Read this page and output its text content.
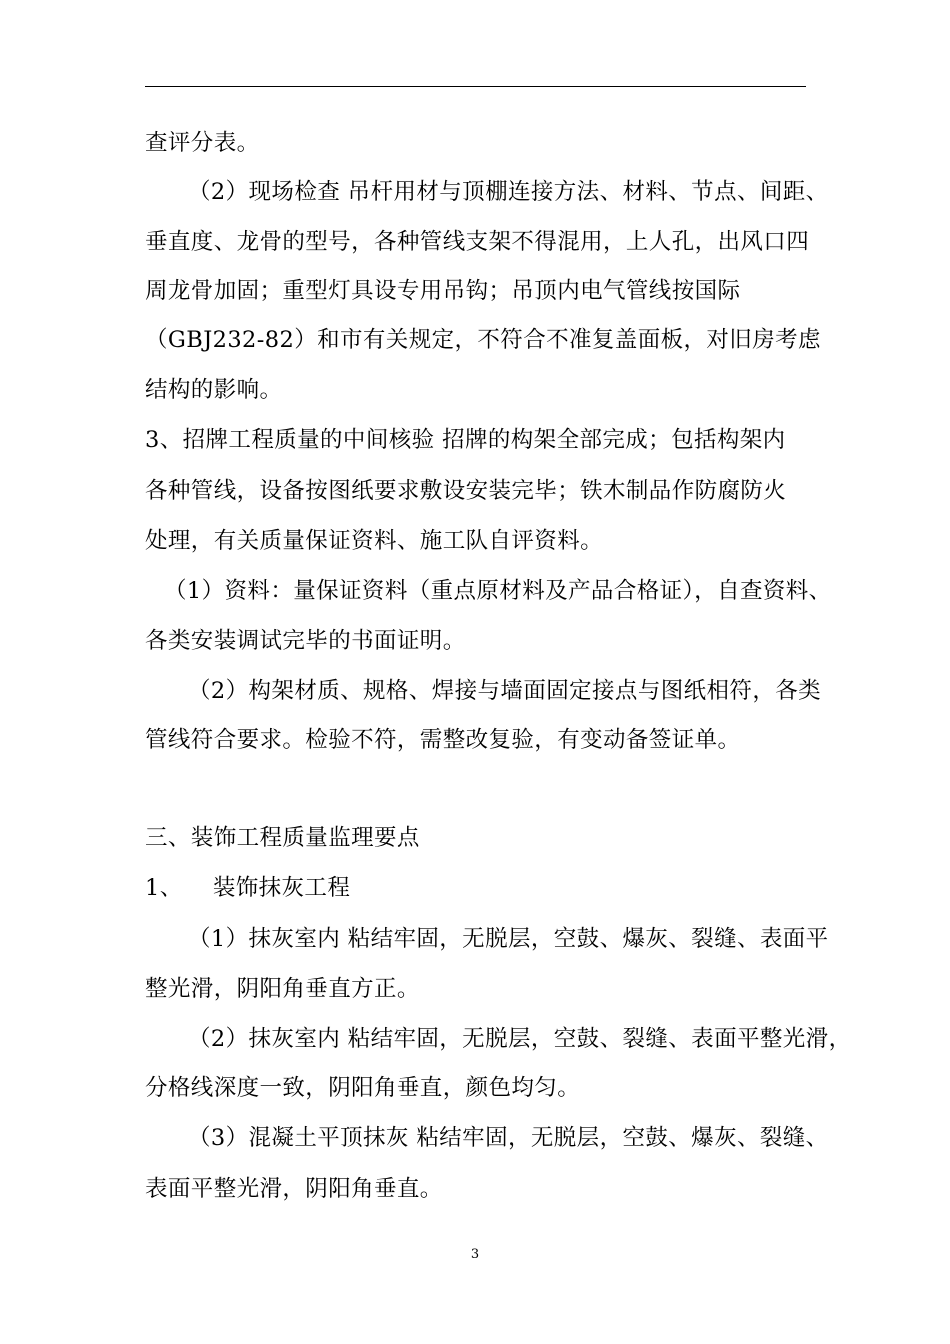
查评分表。
（2）现场检查 吊杆用材与顶棚连接方法、材料、节点、间距、
垂直度、龙骨的型号，各种管线支架不得混用，上人孔，出风口四
周龙骨加固；重型灯具设专用吊钩；吊顶内电气管线按国际
（GBJ232-82）和市有关规定，不符合不准复盖面板，对旧房考虑
结构的影响。
3、招牌工程质量的中间核验 招牌的构架全部完成；包括构架内
各种管线，设备按图纸要求敷设安装完毕；铁木制品作防腐防火
处理，有关质量保证资料、施工队自评资料。
（1）资料：量保证资料（重点原材料及产品合格证），自查资料、
各类安装调试完毕的书面证明。
（2）构架材质、规格、焊接与墙面固定接点与图纸相符，各类
管线符合要求。检验不符，需整改复验，有变动备签证单。
三、装饰工程质量监理要点
1、    装饰抹灰工程
（1）抹灰室内 粘结牢固，无脱层，空鼓、爆灰、裂缝、表面平
整光滑，阴阳角垂直方正。
（2）抹灰室内 粘结牢固，无脱层，空鼓、裂缝、表面平整光滑，
分格线深度一致，阴阳角垂直，颜色均匀。
（3）混凝土平顶抹灰 粘结牢固，无脱层，空鼓、爆灰、裂缝、
表面平整光滑，阴阳角垂直。
3
